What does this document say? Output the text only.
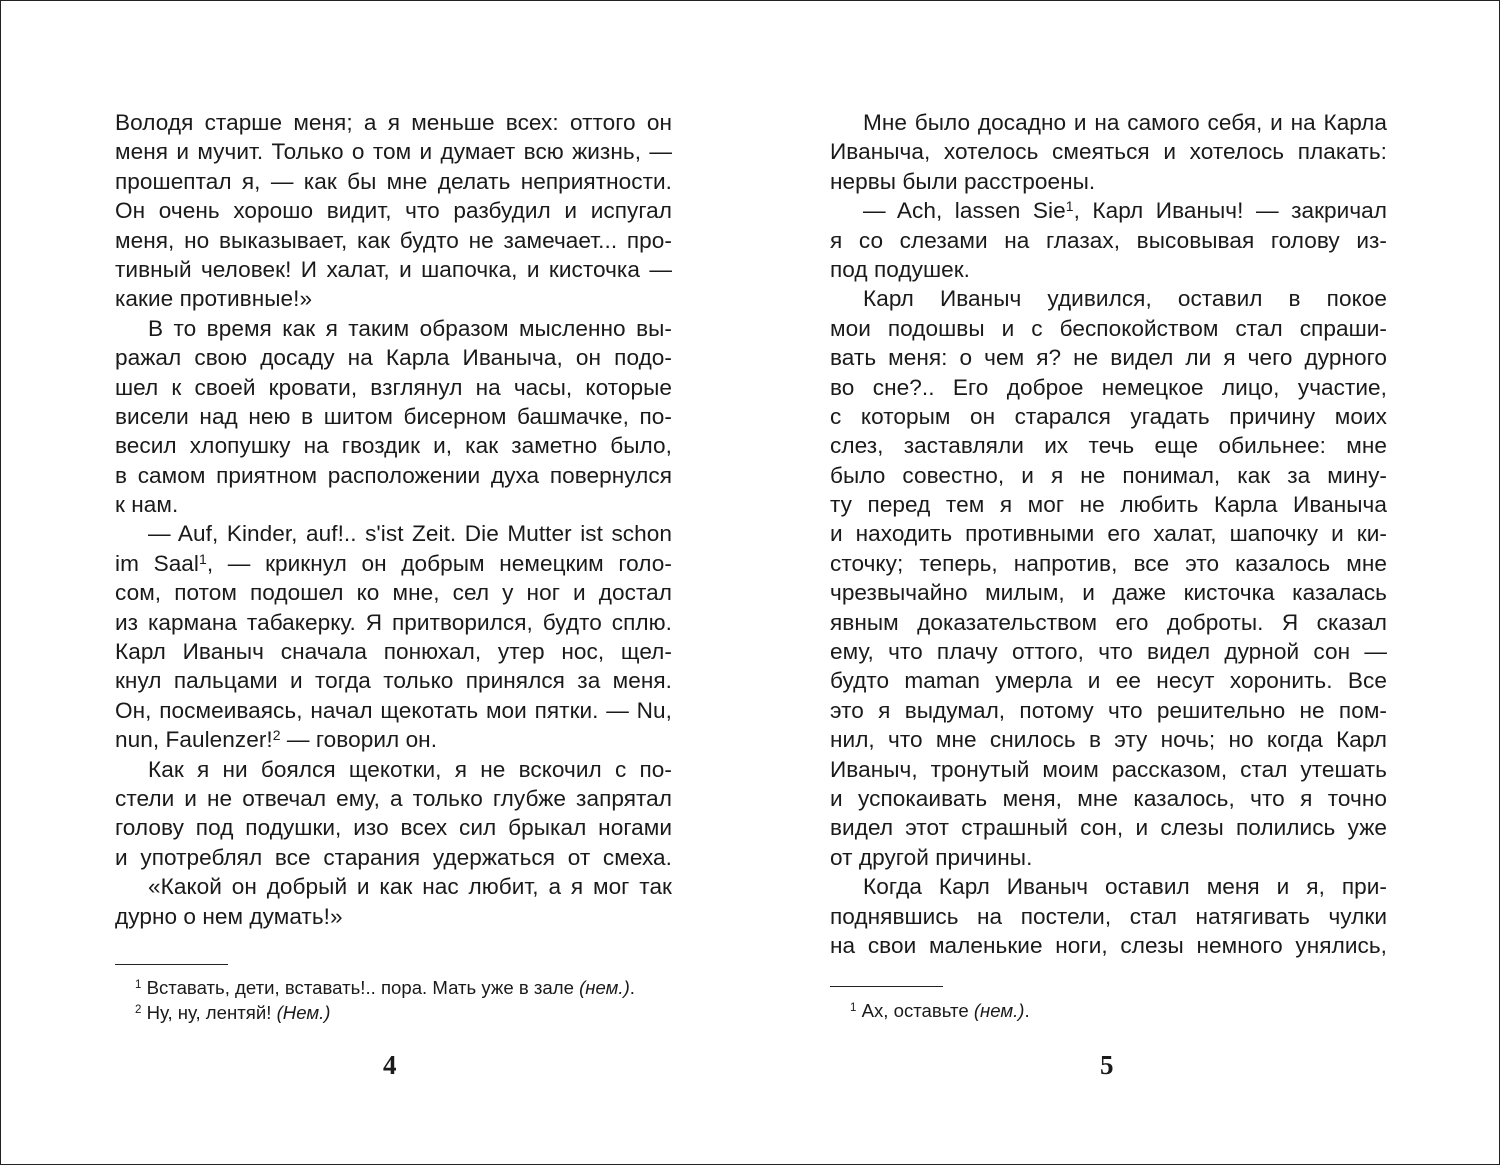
Володя старше меня; а я меньше всех: оттого он
меня и мучит. Только о том и думает всю жизнь, —
прошептал я, — как бы мне делать неприятности.
Он очень хорошо видит, что разбудил и испугал
меня, но выказывает, как будто не замечает... про-
тивный человек! И халат, и шапочка, и кисточка —
какие противные!»
В то время как я таким образом мысленно вы-
ражал свою досаду на Карла Иваныча, он подо-
шел к своей кровати, взглянул на часы, которые
висели над нею в шитом бисерном башмачке, по-
весил хлопушку на гвоздик и, как заметно было,
в самом приятном расположении духа повернулся
к нам.
— Auf, Kinder, auf!.. s'ist Zeit. Die Mutter ist schon
im Saal$^1$, — крикнул он добрым немецким голо-
сом, потом подошел ко мне, сел у ног и достал
из кармана табакерку. Я притворился, будто сплю.
Карл Иваныч сначала понюхал, утер нос, щел-
кнул пальцами и тогда только принялся за меня.
Он, посмеиваясь, начал щекотать мои пятки. — Nu,
nun, Faulenzer!$^2$ — говорил он.
Как я ни боялся щекотки, я не вскочил с по-
стели и не отвечал ему, а только глубже запрятал
голову под подушки, изо всех сил брыкал ногами
и употреблял все старания удержаться от смеха.
«Какой он добрый и как нас любит, а я мог так
дурно о нем думать!»
$^1$ Вставать, дети, вставать!.. пора. Мать уже в зале (нем.).
$^2$ Ну, ну, лентяй! (Нем.)
Мне было досадно и на самого себя, и на Карла
Иваныча, хотелось смеяться и хотелось плакать:
нервы были расстроены.
— Ach, lassen Sie$^1$, Карл Иваныч! — закричал
я со слезами на глазах, высовывая голову из-
под подушек.
Карл Иваныч удивился, оставил в покое
мои подошвы и с беспокойством стал спраши-
вать меня: о чем я? не видел ли я чего дурного
во сне?.. Его доброе немецкое лицо, участие,
с которым он старался угадать причину моих
слез, заставляли их течь еще обильнее: мне
было совестно, и я не понимал, как за мину-
ту перед тем я мог не любить Карла Иваныча
и находить противными его халат, шапочку и ки-
сточку; теперь, напротив, все это казалось мне
чрезвычайно милым, и даже кисточка казалась
явным доказательством его доброты. Я сказал
ему, что плачу оттого, что видел дурной сон —
будто maman умерла и ее несут хоронить. Все
это я выдумал, потому что решительно не пом-
нил, что мне снилось в эту ночь; но когда Карл
Иваныч, тронутый моим рассказом, стал утешать
и успокаивать меня, мне казалось, что я точно
видел этот страшный сон, и слезы полились уже
от другой причины.
Когда Карл Иваныч оставил меня и я, при-
поднявшись на постели, стал натягивать чулки
на свои маленькие ноги, слезы немного унялись,
$^1$ Ах, оставьте (нем.).
4	5
